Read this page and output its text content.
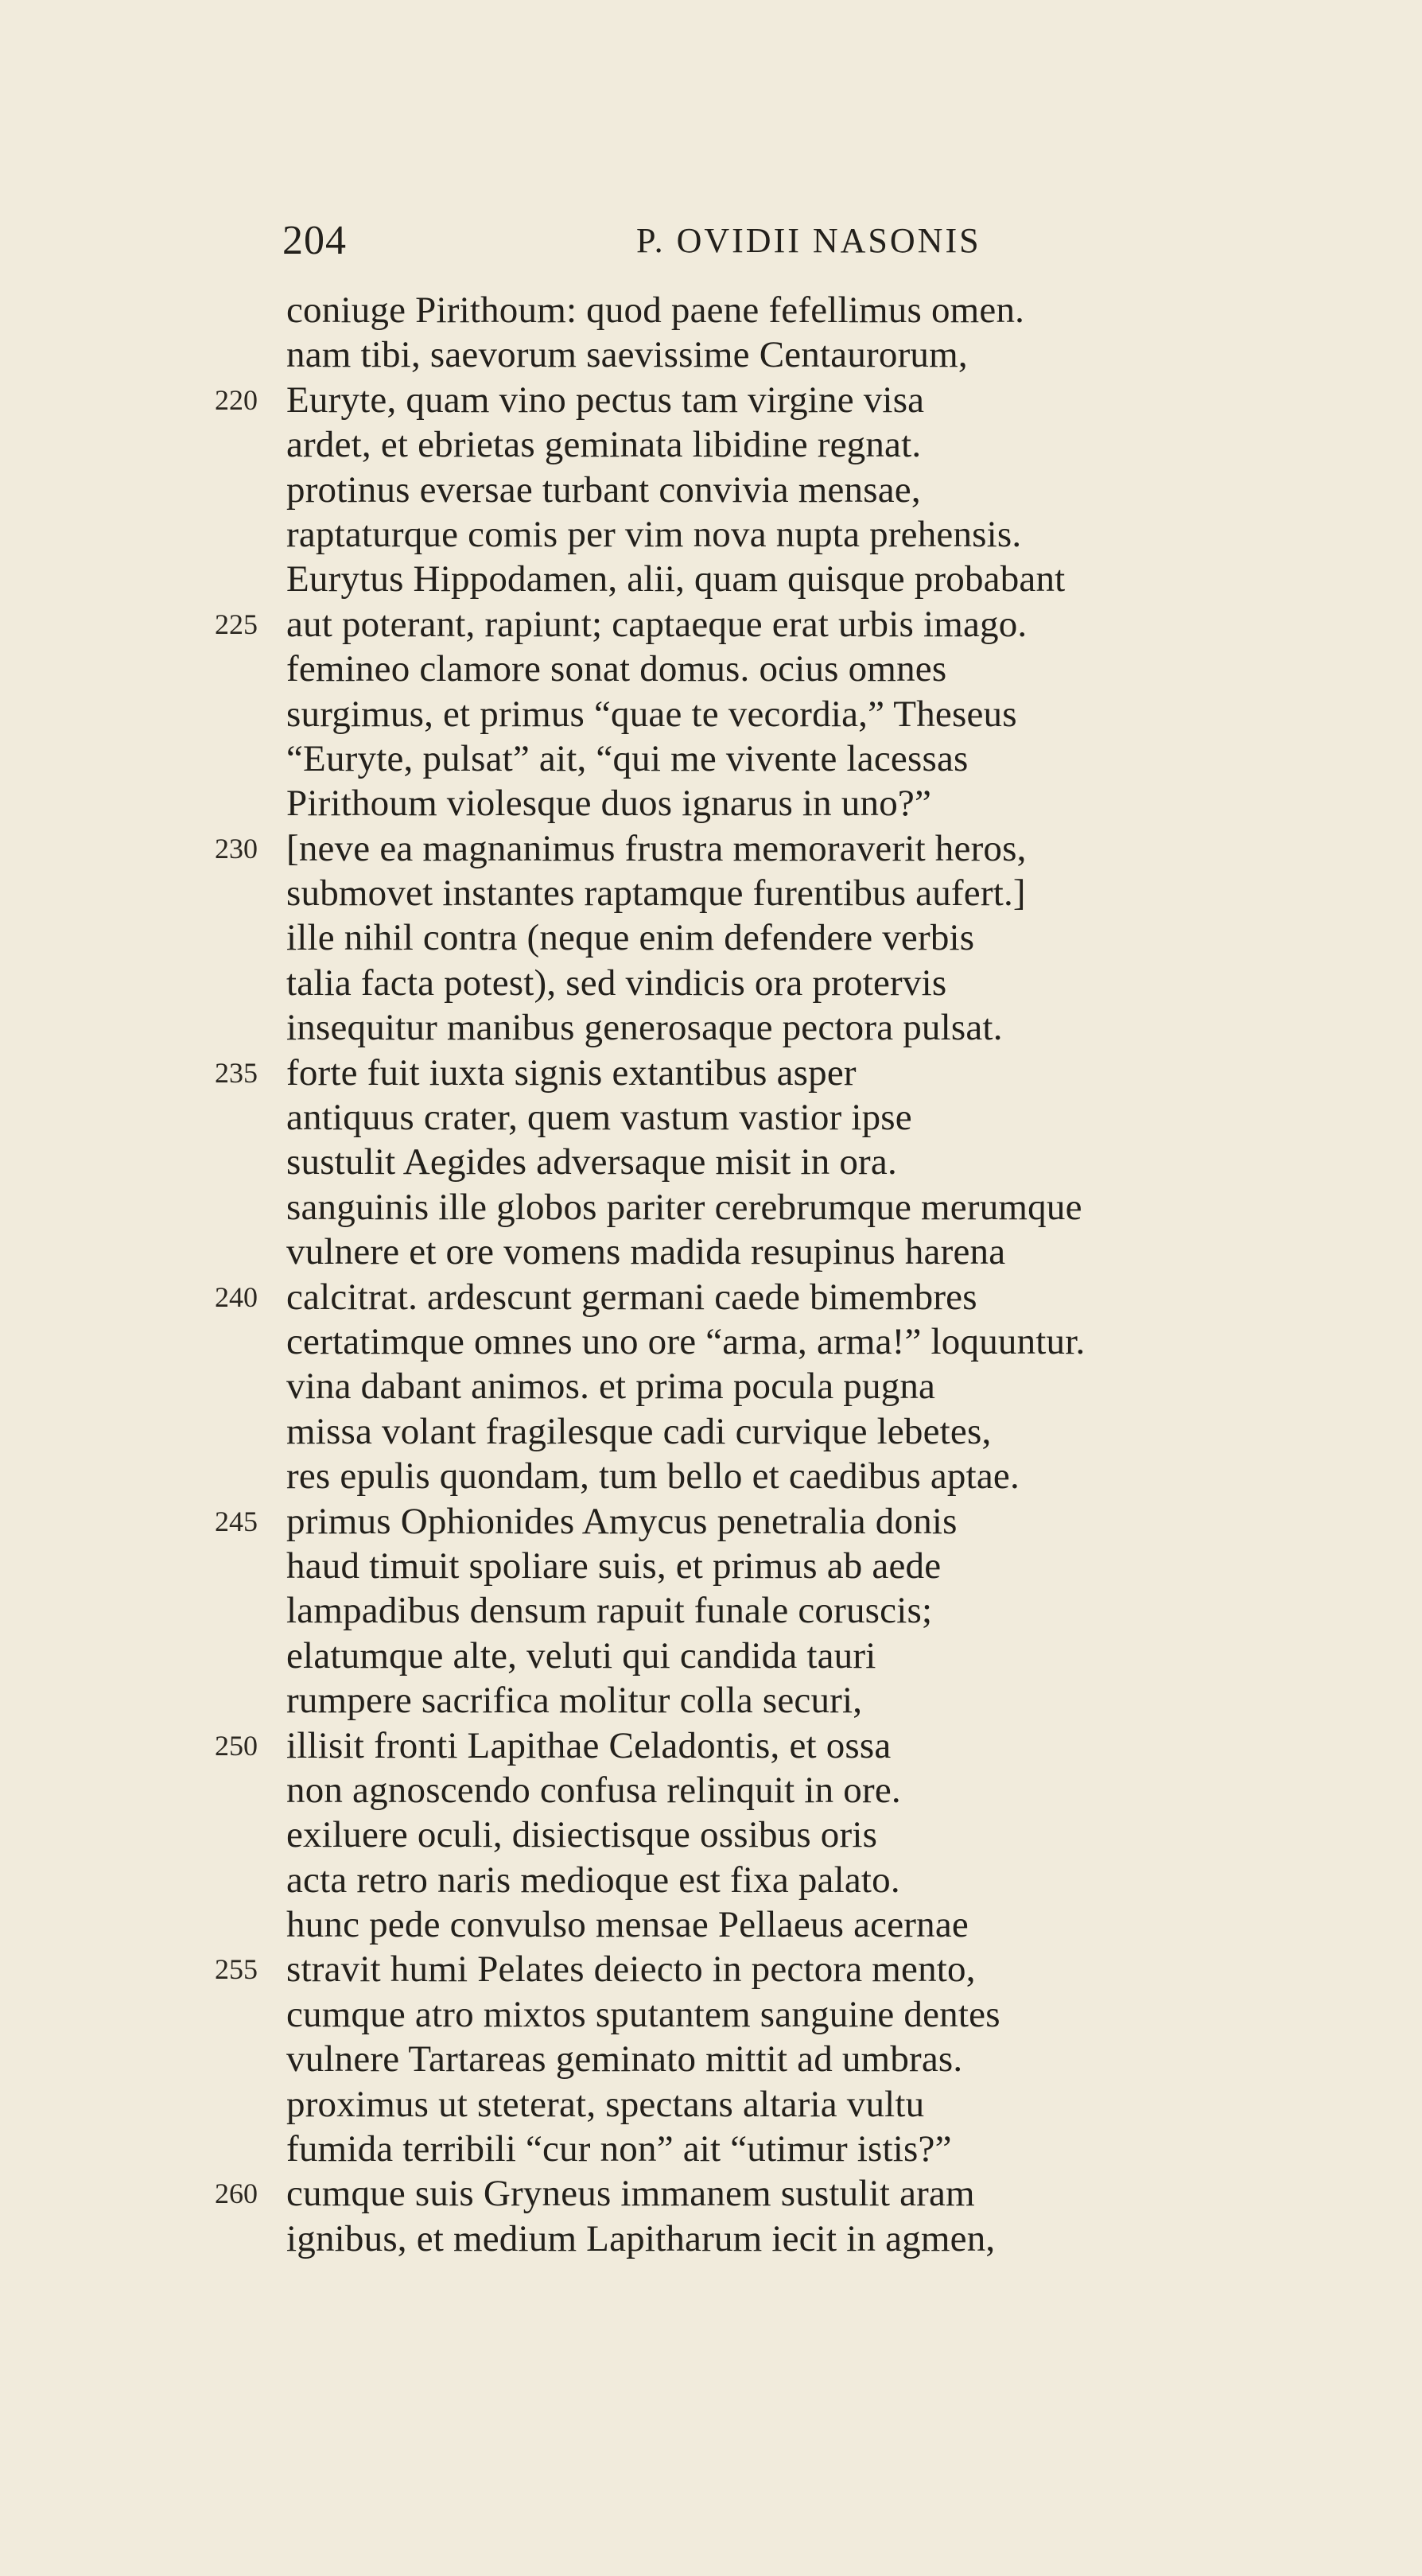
204	P. OVIDII NASONIS
coniuge Pirithoum: quod paene fefellimus omen.
nam tibi, saevorum saevissime Centaurorum,
220 Euryte, quam vino pectus tam virgine visa
ardet, et ebrietas geminata libidine regnat.
protinus eversae turbant convivia mensae,
raptaturque comis per vim nova nupta prehensis.
Eurytus Hippodamen, alii, quam quisque probabant
225 aut poterant, rapiunt; captaeque erat urbis imago.
femineo clamore sonat domus. ocius omnes
surgimus, et primus “quae te vecordia,” Theseus
“Euryte, pulsat” ait, “qui me vivente lacessas
Pirithoum violesque duos ignarus in uno?”
230 [neve ea magnanimus frustra memoraverit heros,
submovet instantes raptamque furentibus aufert.]
ille nihil contra (neque enim defendere verbis
talia facta potest), sed vindicis ora protervis
insequitur manibus generosaque pectora pulsat.
235 forte fuit iuxta signis extantibus asper
antiquus crater, quem vastum vastior ipse
sustulit Aegides adversaque misit in ora.
sanguinis ille globos pariter cerebrumque merumque
vulnere et ore vomens madida resupinus harena
240 calcitrat. ardescunt germani caede bimembres
certatimque omnes uno ore “arma, arma!” loquuntur.
vina dabant animos. et prima pocula pugna
missa volant fragilesque cadi curvique lebetes,
res epulis quondam, tum bello et caedibus aptae.
245 primus Ophionides Amycus penetralia donis
haud timuit spoliare suis, et primus ab aede
lampadibus densum rapuit funale coruscis;
elatumque alte, veluti qui candida tauri
rumpere sacrifica molitur colla securi,
250 illisit fronti Lapithae Celadontis, et ossa
non agnoscendo confusa relinquit in ore.
exiluere oculi, disiectisque ossibus oris
acta retro naris medioque est fixa palato.
hunc pede convulso mensae Pellaeus acernae
255 stravit humi Pelates deiecto in pectora mento,
cumque atro mixtos sputantem sanguine dentes
vulnere Tartareas geminato mittit ad umbras.
proximus ut steterat, spectans altaria vultu
fumida terribili “cur non” ait “utimur istis?”
260 cumque suis Gryneus immanem sustulit aram
ignibus, et medium Lapitharum iecit in agmen,
